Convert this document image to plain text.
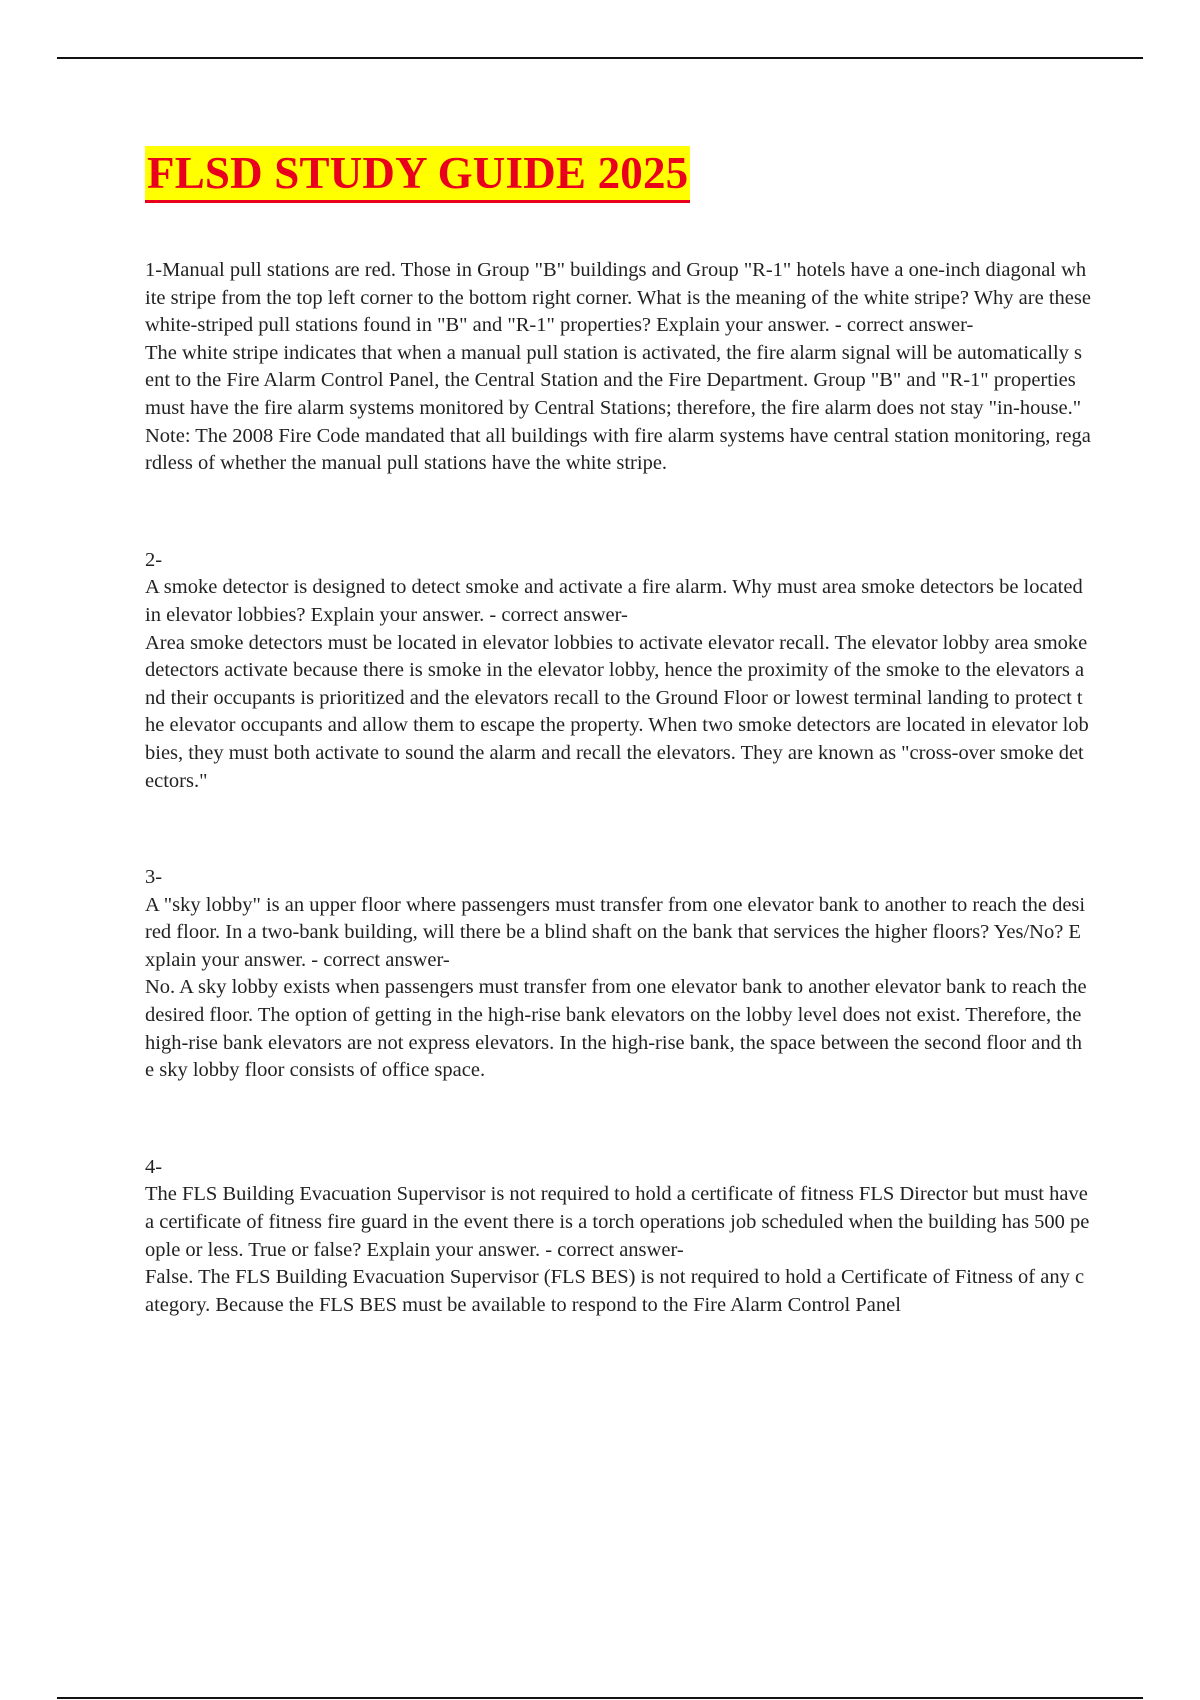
FLSD STUDY GUIDE 2025

1-Manual pull stations are red. Those in Group "B" buildings and Group "R-1" hotels have a one-inch diagonal white stripe from the top left corner to the bottom right corner. What is the meaning of the white stripe? Why are these white-striped pull stations found in "B" and "R-1" properties? Explain your answer. - correct answer-

The white stripe indicates that when a manual pull station is activated, the fire alarm signal will be automatically sent to the Fire Alarm Control Panel, the Central Station and the Fire Department. Group "B" and "R-1" properties must have the fire alarm systems monitored by Central Stations; therefore, the fire alarm does not stay "in-house." Note: The 2008 Fire Code mandated that all buildings with fire alarm systems have central station monitoring, regardless of whether the manual pull stations have the white stripe.

2-

A smoke detector is designed to detect smoke and activate a fire alarm. Why must area smoke detectors be located in elevator lobbies? Explain your answer. - correct answer-

Area smoke detectors must be located in elevator lobbies to activate elevator recall. The elevator lobby area smoke detectors activate because there is smoke in the elevator lobby, hence the proximity of the smoke to the elevators and their occupants is prioritized and the elevators recall to the Ground Floor or lowest terminal landing to protect the elevator occupants and allow them to escape the property. When two smoke detectors are located in elevator lobbies, they must both activate to sound the alarm and recall the elevators. They are known as "cross-over smoke detectors."

3-

A "sky lobby" is an upper floor where passengers must transfer from one elevator bank to another to reach the desired floor. In a two-bank building, will there be a blind shaft on the bank that services the higher floors? Yes/No? Explain your answer. - correct answer-

No. A sky lobby exists when passengers must transfer from one elevator bank to another elevator bank to reach the desired floor. The option of getting in the high-rise bank elevators on the lobby level does not exist. Therefore, the high-rise bank elevators are not express elevators. In the high-rise bank, the space between the second floor and the sky lobby floor consists of office space.

4-

The FLS Building Evacuation Supervisor is not required to hold a certificate of fitness FLS Director but must have a certificate of fitness fire guard in the event there is a torch operations job scheduled when the building has 500 people or less. True or false? Explain your answer. - correct answer-

False. The FLS Building Evacuation Supervisor (FLS BES) is not required to hold a Certificate of Fitness of any category. Because the FLS BES must be available to respond to the Fire Alarm Control Panel
